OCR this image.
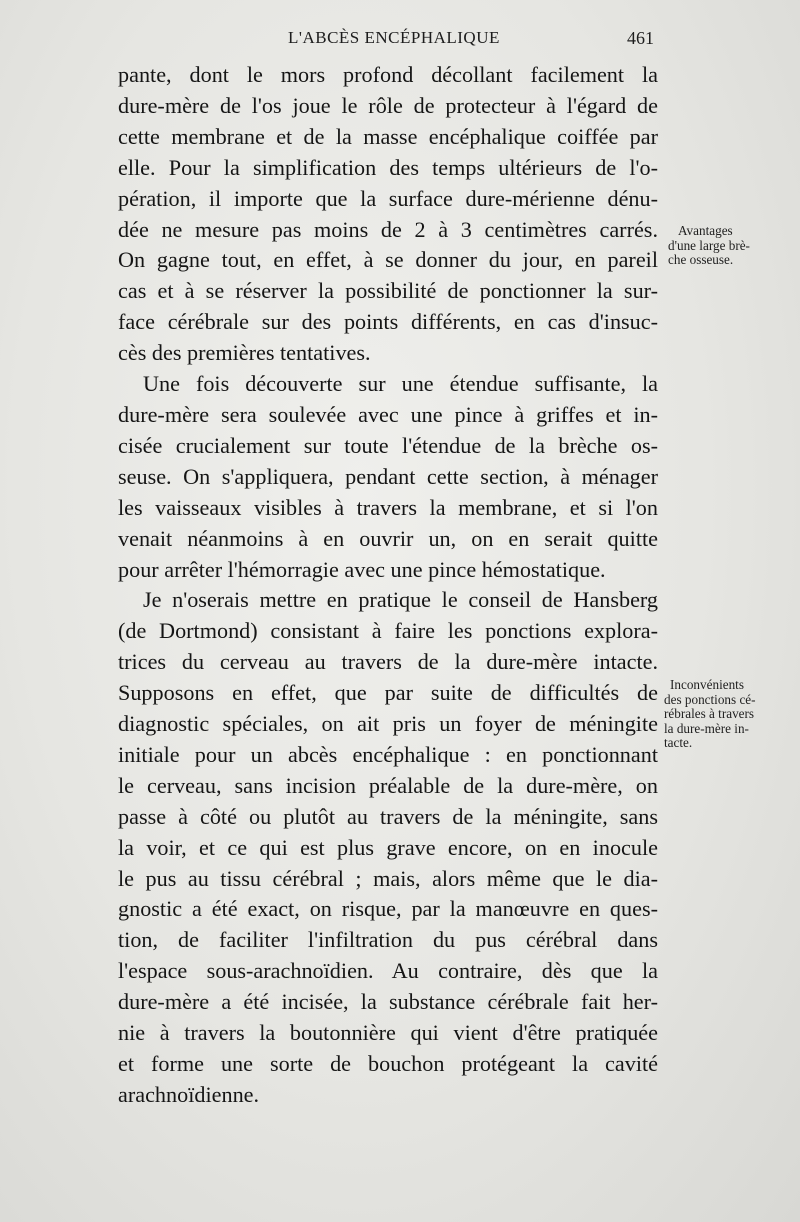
L'ABCÈS ENCÉPHALIQUE	461
pante, dont le mors profond décollant facilement la
dure-mère de l'os joue le rôle de protecteur à l'égard de
cette membrane et de la masse encéphalique coiffée par
elle. Pour la simplification des temps ultérieurs de l'o-
pération, il importe que la surface dure-mérienne dénu-
dée ne mesure pas moins de 2 à 3 centimètres carrés.
On gagne tout, en effet, à se donner du jour, en pareil
cas et à se réserver la possibilité de ponctionner la sur-
face cérébrale sur des points différents, en cas d'insuc-
cès des premières tentatives.
Une fois découverte sur une étendue suffisante, la
dure-mère sera soulevée avec une pince à griffes et in-
cisée crucialement sur toute l'étendue de la brèche os-
seuse. On s'appliquera, pendant cette section, à ménager
les vaisseaux visibles à travers la membrane, et si l'on
venait néanmoins à en ouvrir un, on en serait quitte
pour arrêter l'hémorragie avec une pince hémostatique.
Je n'oserais mettre en pratique le conseil de Hansberg
(de Dortmond) consistant à faire les ponctions explora-
trices du cerveau au travers de la dure-mère intacte.
Supposons en effet, que par suite de difficultés de
diagnostic spéciales, on ait pris un foyer de méningite
initiale pour un abcès encéphalique : en ponctionnant
le cerveau, sans incision préalable de la dure-mère, on
passe à côté ou plutôt au travers de la méningite, sans
la voir, et ce qui est plus grave encore, on en inocule
le pus au tissu cérébral ; mais, alors même que le dia-
gnostic a été exact, on risque, par la manœuvre en ques-
tion, de faciliter l'infiltration du pus cérébral dans
l'espace sous-arachnoïdien. Au contraire, dès que la
dure-mère a été incisée, la substance cérébrale fait her-
nie à travers la boutonnière qui vient d'être pratiquée
et forme une sorte de bouchon protégeant la cavité
arachnoïdienne.
Avantages
d'une large brè-
che osseuse.
Inconvénients
des ponctions cé-
rébrales à travers
la dure-mère in-
tacte.
